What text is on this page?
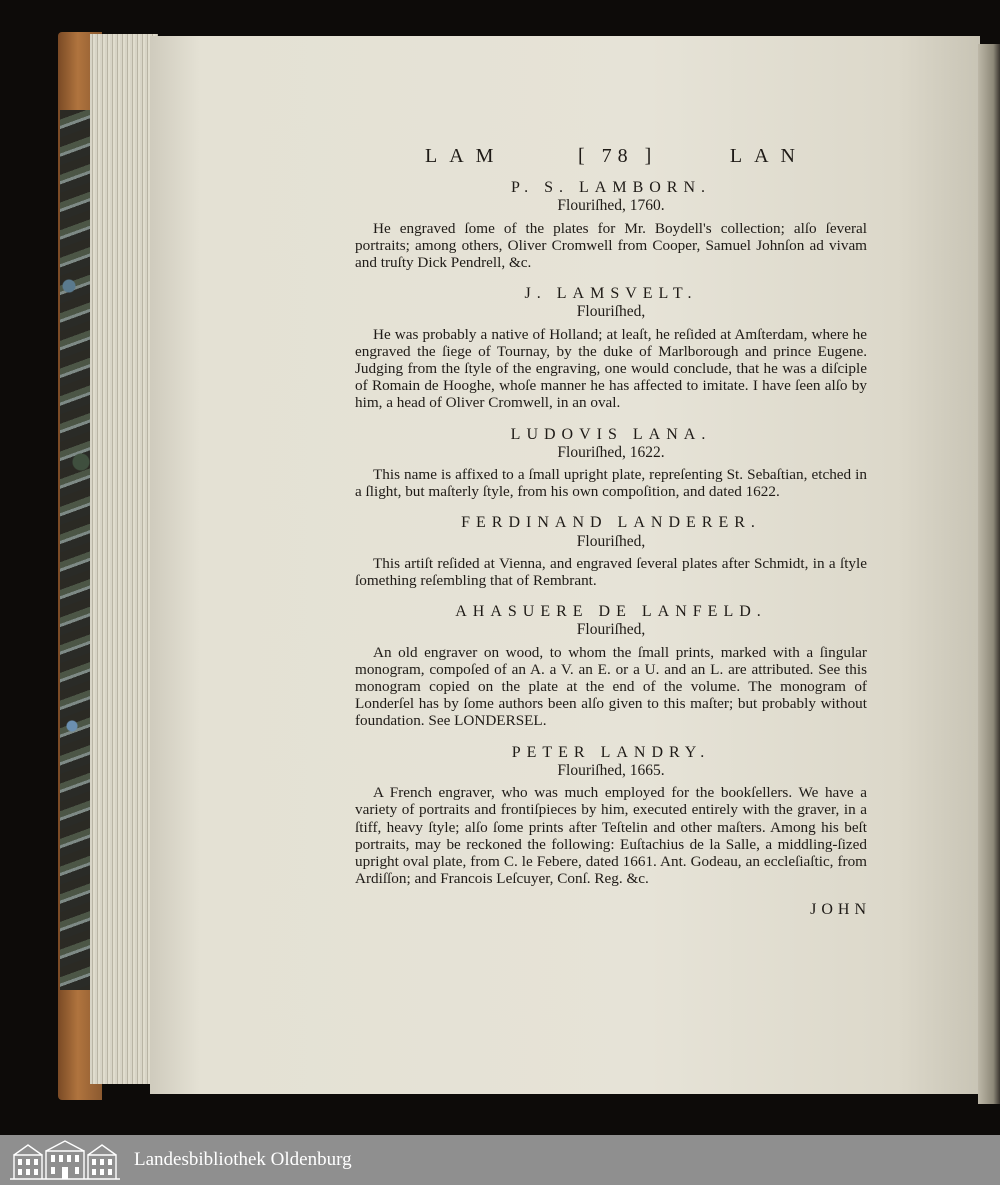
LAM	[ 78 ]	LAN
P. S. LAMBORN.
Flouriſhed, 1760.
He engraved ſome of the plates for Mr. Boydell's collection; alſo ſeveral portraits; among others, Oliver Cromwell from Cooper, Samuel Johnſon ad vivam and truſty Dick Pendrell, &c.
J. LAMSVELT.
Flouriſhed,
He was probably a native of Holland; at leaſt, he reſided at Amſterdam, where he engraved the ſiege of Tournay, by the duke of Marlborough and prince Eugene. Judging from the ſtyle of the engraving, one would conclude, that he was a diſciple of Romain de Hooghe, whoſe manner he has affected to imitate. I have ſeen alſo by him, a head of Oliver Cromwell, in an oval.
LUDOVIS LANA.
Flouriſhed, 1622.
This name is affixed to a ſmall upright plate, repreſenting St. Sebaſtian, etched in a ſlight, but maſterly ſtyle, from his own compoſition, and dated 1622.
FERDINAND LANDERER.
Flouriſhed,
This artiſt reſided at Vienna, and engraved ſeveral plates after Schmidt, in a ſtyle ſomething reſembling that of Rembrant.
AHASUERE DE LANFELD.
Flouriſhed,
An old engraver on wood, to whom the ſmall prints, marked with a ſingular monogram, compoſed of an A. a V. an E. or a U. and an L. are attributed. See this monogram copied on the plate at the end of the volume. The monogram of Londerſel has by ſome authors been alſo given to this maſter; but probably without foundation. See LONDERSEL.
PETER LANDRY.
Flouriſhed, 1665.
A French engraver, who was much employed for the bookſellers. We have a variety of portraits and frontiſpieces by him, executed entirely with the graver, in a ſtiff, heavy ſtyle; alſo ſome prints after Teſtelin and other maſters. Among his beſt portraits, may be reckoned the following: Euſtachius de la Salle, a middling-ſized upright oval plate, from C. le Febere, dated 1661. Ant. Godeau, an eccleſiaſtic, from Ardiſſon; and Francois Leſcuyer, Conſ. Reg. &c.
JOHN
Landesbibliothek Oldenburg
